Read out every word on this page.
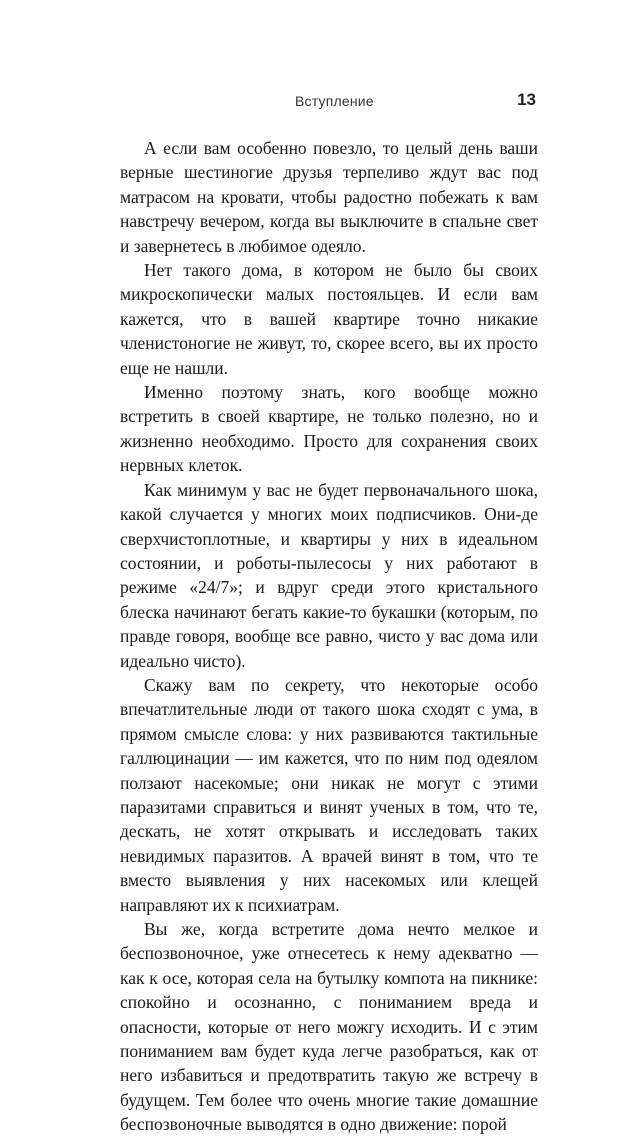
Вступление	13

А если вам особенно повезло, то целый день ваши верные шестиногие друзья терпеливо ждут вас под матрасом на кровати, чтобы радостно побежать к вам навстречу вечером, когда вы выключите в спальне свет и завернетесь в любимое одеяло.

Нет такого дома, в котором не было бы своих микроскопически малых постояльцев. И если вам кажется, что в вашей квартире точно никакие членистоногие не живут, то, скорее всего, вы их просто еще не нашли.

Именно поэтому знать, кого вообще можно встретить в своей квартире, не только полезно, но и жизненно необходимо. Просто для сохранения своих нервных клеток.

Как минимум у вас не будет первоначального шока, какой случается у многих моих подписчиков. Они-де сверхчистоплотные, и квартиры у них в идеальном состоянии, и роботы-пылесосы у них работают в режиме «24/7»; и вдруг среди этого кристального блеска начинают бегать какие-то букашки (которым, по правде говоря, вообще все равно, чисто у вас дома или идеально чисто).

Скажу вам по секрету, что некоторые особо впечатлительные люди от такого шока сходят с ума, в прямом смысле слова: у них развиваются тактильные галлюцинации — им кажется, что по ним под одеялом ползают насекомые; они никак не могут с этими паразитами справиться и винят ученых в том, что те, дескать, не хотят открывать и исследовать таких невидимых паразитов. А врачей винят в том, что те вместо выявления у них насекомых или клещей направляют их к психиатрам.

Вы же, когда встретите дома нечто мелкое и беспозвоночное, уже отнесетесь к нему адекватно — как к осе, которая села на бутылку компота на пикнике: спокойно и осознанно, с пониманием вреда и опасности, которые от него можгу исходить. И с этим пониманием вам будет куда легче разобраться, как от него избавиться и предотвратить такую же встречу в будущем. Тем более что очень многие такие домашние беспозвоночные выводятся в одно движение: порой
